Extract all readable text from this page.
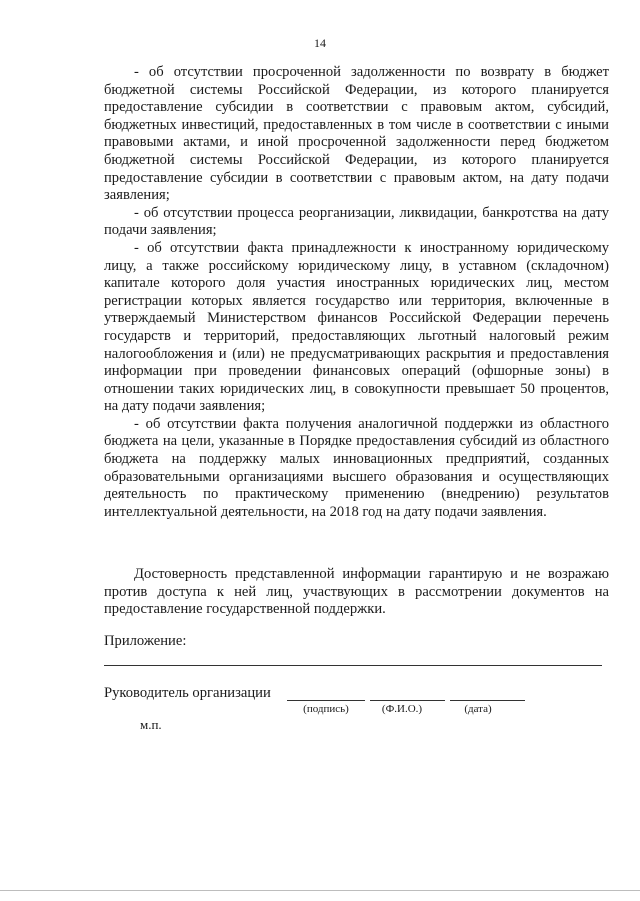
14

- об отсутствии просроченной задолженности по возврату в бюджет бюджетной системы Российской Федерации, из которого планируется предоставление субсидии в соответствии с правовым актом, субсидий, бюджетных инвестиций, предоставленных в том числе в соответствии с иными правовыми актами, и иной просроченной задолженности перед бюджетом бюджетной системы Российской Федерации, из которого планируется предоставление субсидии в соответствии с правовым актом, на дату подачи заявления;

- об отсутствии процесса реорганизации, ликвидации, банкротства на дату подачи заявления;

- об отсутствии факта принадлежности к иностранному юридическому лицу, а также российскому юридическому лицу, в уставном (складочном) капитале которого доля участия иностранных юридических лиц, местом регистрации которых является государство или территория, включенные в утверждаемый Министерством финансов Российской Федерации перечень государств и территорий, предоставляющих льготный налоговый режим налогообложения и (или) не предусматривающих раскрытия и предоставления информации при проведении финансовых операций (офшорные зоны) в отношении таких юридических лиц, в совокупности превышает 50 процентов, на дату подачи заявления;

- об отсутствии факта получения аналогичной поддержки из областного бюджета на цели, указанные в Порядке предоставления субсидий из областного бюджета на поддержку малых инновационных предприятий, созданных образовательными организациями высшего образования и осуществляющих деятельность по практическому применению (внедрению) результатов интеллектуальной деятельности, на 2018 год на дату подачи заявления.

Достоверность представленной информации гарантирую и не возражаю против доступа к ней лиц, участвующих в рассмотрении документов на предоставление государственной поддержки.

Приложение:

Руководитель организации
(подпись)	(Ф.И.О.)	(дата)
м.п.
